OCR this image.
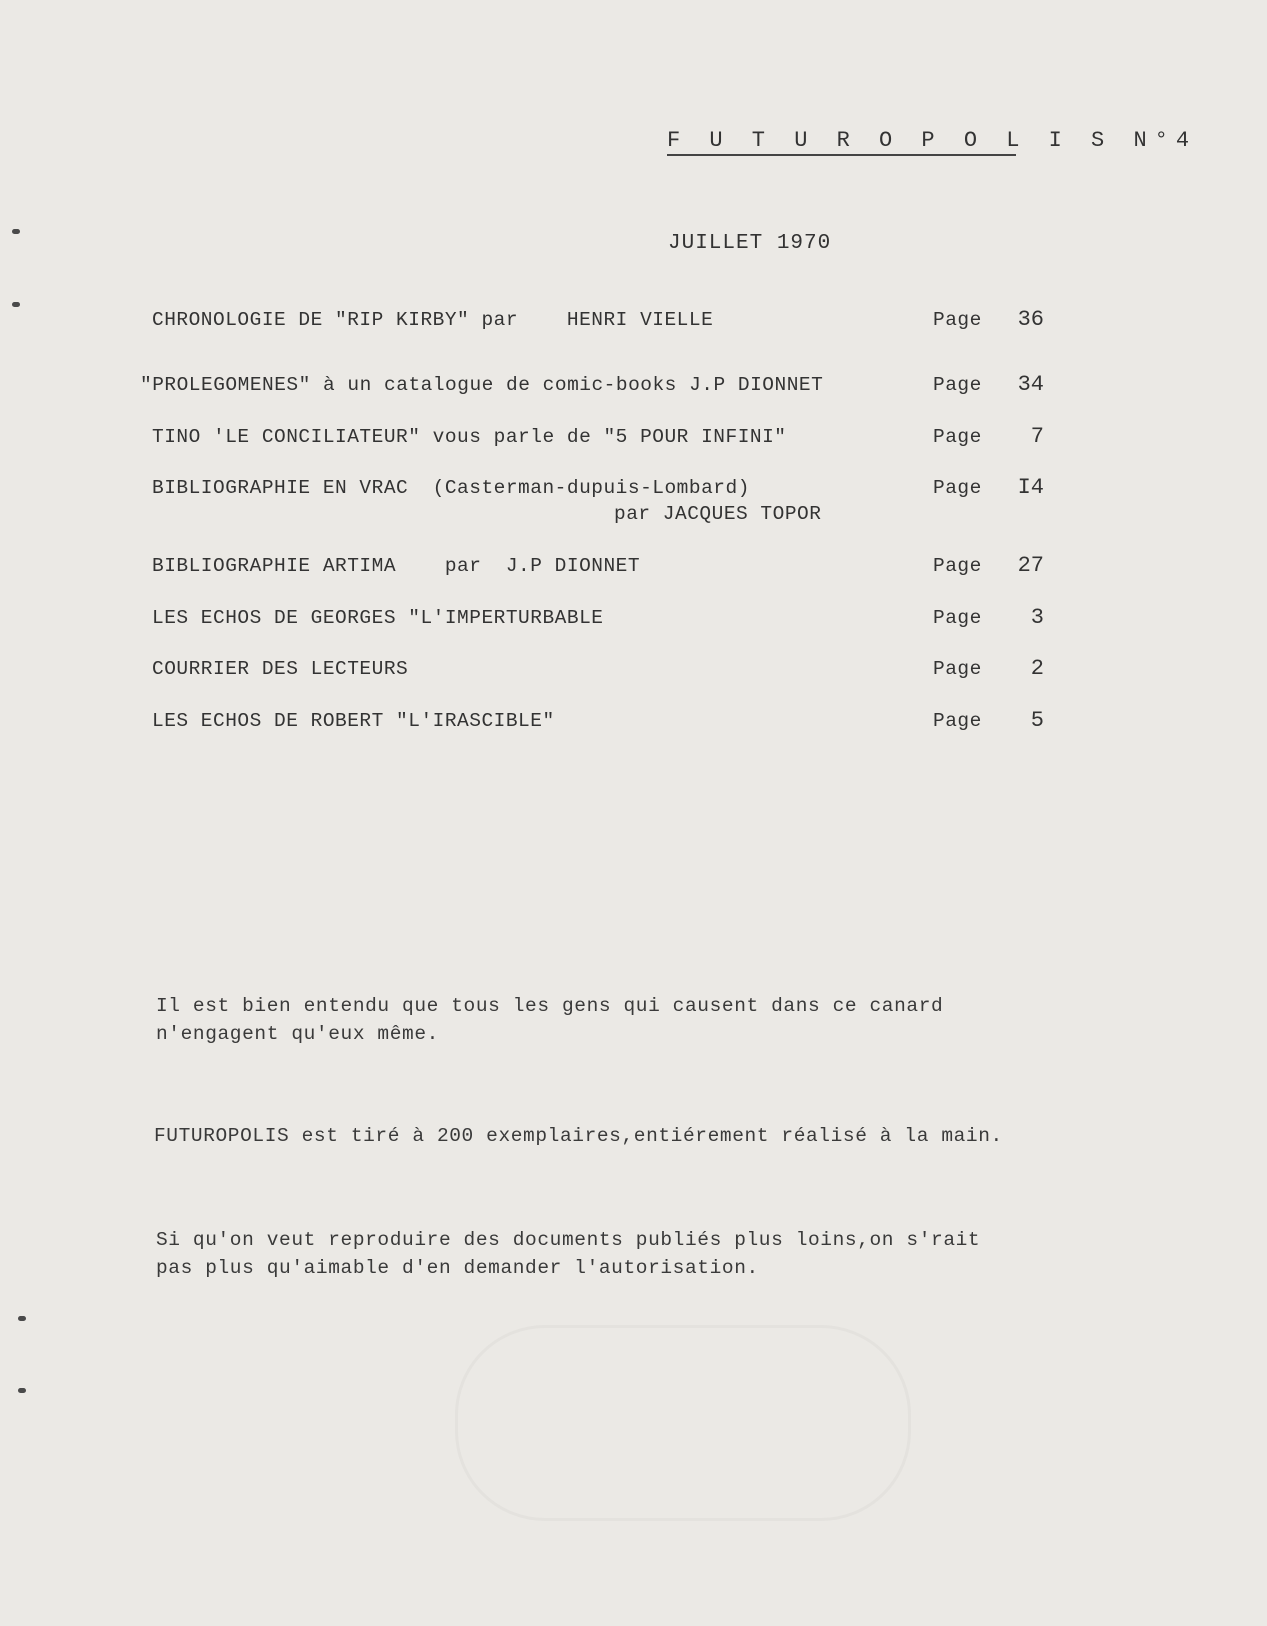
F U T U R O P O L I S N°4
JUILLET 1970
CHRONOLOGIE DE "RIP KIRBY" par    HENRI VIELLE	Page	36
"PROLEGOMENES" à un catalogue de comic-books J.P DIONNET	Page	34
TINO 'LE CONCILIATEUR" vous parle de "5 POUR INFINI"	Page	7
BIBLIOGRAPHIE EN VRAC  (Casterman-dupuis-Lombard)
par JACQUES TOPOR
Page	I4
BIBLIOGRAPHIE ARTIMA    par  J.P DIONNET	Page	27
LES ECHOS DE GEORGES "L'IMPERTURBABLE	Page	3
COURRIER DES LECTEURS	Page	2
LES ECHOS DE ROBERT "L'IRASCIBLE"	Page	5
Il est bien entendu que tous les gens qui causent dans ce canard
n'engagent qu'eux même.
FUTUROPOLIS est tiré à 200 exemplaires,entiérement réalisé à la main.
Si qu'on veut reproduire des documents publiés plus loins,on s'rait
pas plus qu'aimable d'en demander l'autorisation.
